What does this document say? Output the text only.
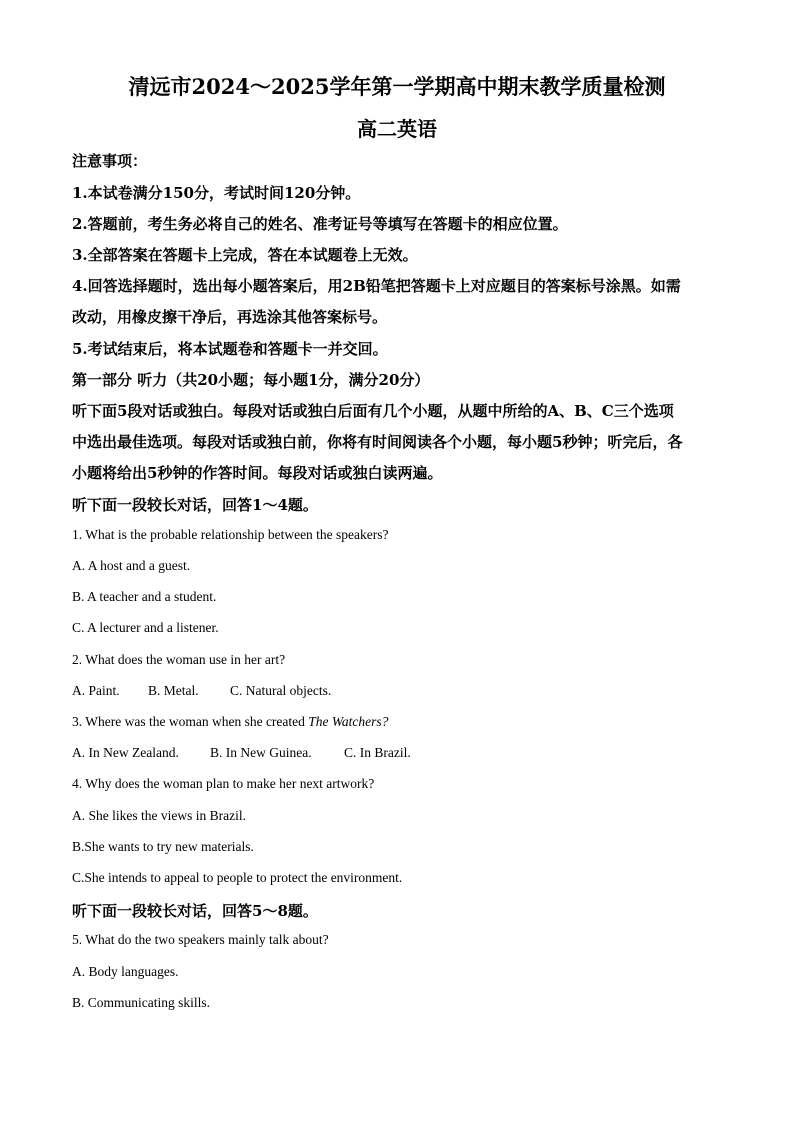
清远市2024～2025学年第一学期高中期末教学质量检测
高二英语
注意事项：
1.本试卷满分150分，考试时间120分钟。
2.答题前，考生务必将自己的姓名、准考证号等填写在答题卡的相应位置。
3.全部答案在答题卡上完成，答在本试题卷上无效。
4.回答选择题时，选出每小题答案后，用2B铅笔把答题卡上对应题目的答案标号涂黑。如需
改动，用橡皮擦干净后，再选涂其他答案标号。
5.考试结束后，将本试题卷和答题卡一并交回。
第一部分 听力（共20小题；每小题1分，满分20分）
听下面5段对话或独白。每段对话或独白后面有几个小题，从题中所给的A、B、C三个选项
中选出最佳选项。每段对话或独白前，你将有时间阅读各个小题，每小题5秒钟；听完后，各
小题将给出5秒钟的作答时间。每段对话或独白读两遍。
听下面一段较长对话，回答1～4题。
1. What is the probable relationship between the speakers?
A. A host and a guest.
B. A teacher and a student.
C. A lecturer and a listener.
2. What does the woman use in her art?
A. Paint. B. Metal. C. Natural objects.
3. Where was the woman when she created The Watchers?
A. In New Zealand. B. In New Guinea. C. In Brazil.
4. Why does the woman plan to make her next artwork?
A. She likes the views in Brazil.
B.She wants to try new materials.
C.She intends to appeal to people to protect the environment.
听下面一段较长对话，回答5～8题。
5. What do the two speakers mainly talk about?
A. Body languages.
B. Communicating skills.
